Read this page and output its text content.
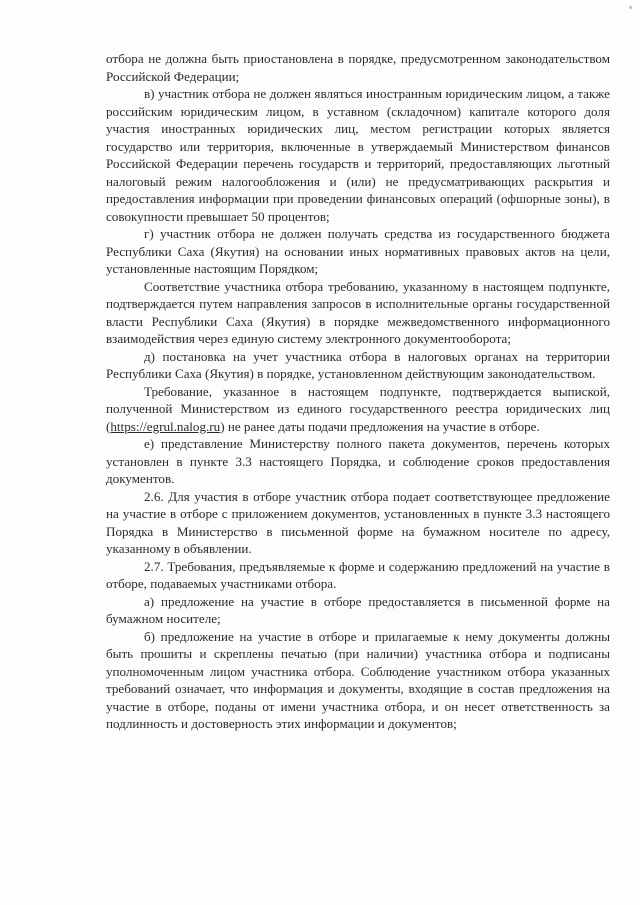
отбора не должна быть приостановлена в порядке, предусмотренном законодательством Российской Федерации;

в) участник отбора не должен являться иностранным юридическим лицом, а также российским юридическим лицом, в уставном (складочном) капитале которого доля участия иностранных юридических лиц, местом регистрации которых является государство или территория, включенные в утверждаемый Министерством финансов Российской Федерации перечень государств и территорий, предоставляющих льготный налоговый режим налогообложения и (или) не предусматривающих раскрытия и предоставления информации при проведении финансовых операций (офшорные зоны), в совокупности превышает 50 процентов;

г) участник отбора не должен получать средства из государственного бюджета Республики Саха (Якутия) на основании иных нормативных правовых актов на цели, установленные настоящим Порядком;

Соответствие участника отбора требованию, указанному в настоящем подпункте, подтверждается путем направления запросов в исполнительные органы государственной власти Республики Саха (Якутия) в порядке межведомственного информационного взаимодействия через единую систему электронного документооборота;

д) постановка на учет участника отбора в налоговых органах на территории Республики Саха (Якутия) в порядке, установленном действующим законодательством.

Требование, указанное в настоящем подпункте, подтверждается выпиской, полученной Министерством из единого государственного реестра юридических лиц (https://egrul.nalog.ru) не ранее даты подачи предложения на участие в отборе.

е) представление Министерству полного пакета документов, перечень которых установлен в пункте 3.3 настоящего Порядка, и соблюдение сроков предоставления документов.

2.6. Для участия в отборе участник отбора подает соответствующее предложение на участие в отборе с приложением документов, установленных в пункте 3.3 настоящего Порядка в Министерство в письменной форме на бумажном носителе по адресу, указанному в объявлении.

2.7. Требования, предъявляемые к форме и содержанию предложений на участие в отборе, подаваемых участниками отбора.

а) предложение на участие в отборе предоставляется в письменной форме на бумажном носителе;

б) предложение на участие в отборе и прилагаемые к нему документы должны быть прошиты и скреплены печатью (при наличии) участника отбора и подписаны уполномоченным лицом участника отбора. Соблюдение участником отбора указанных требований означает, что информация и документы, входящие в состав предложения на участие в отборе, поданы от имени участника отбора, и он несет ответственность за подлинность и достоверность этих информации и документов;
